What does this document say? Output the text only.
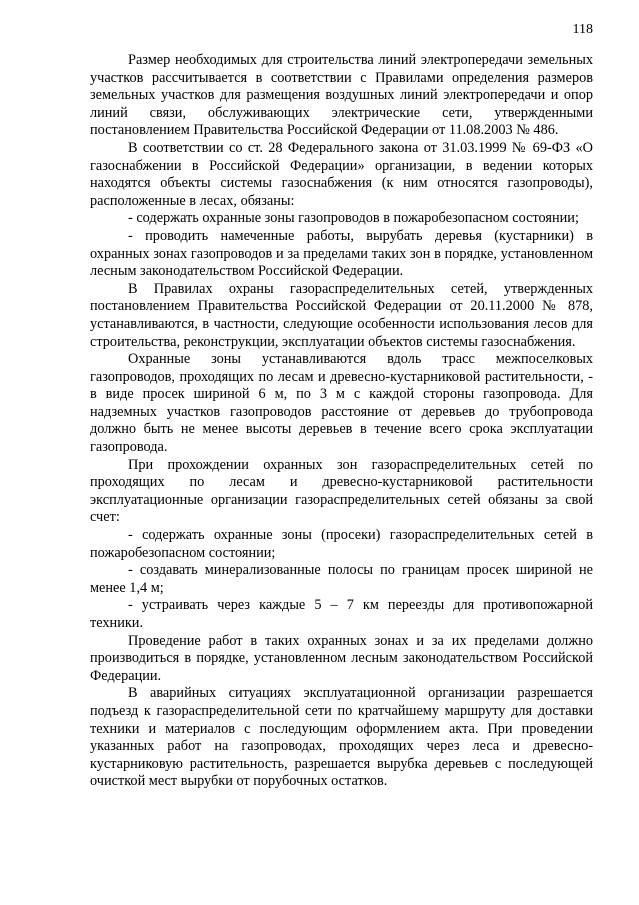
118

Размер необходимых для строительства линий электропередачи земельных участков рассчитывается в соответствии с Правилами определения размеров земельных участков для размещения воздушных линий электропередачи и опор линий связи, обслуживающих электрические сети, утвержденными постановлением Правительства Российской Федерации от 11.08.2003 № 486.

В соответствии со ст. 28 Федерального закона от 31.03.1999 № 69-ФЗ «О газоснабжении в Российской Федерации» организации, в ведении которых находятся объекты системы газоснабжения (к ним относятся газопроводы), расположенные в лесах, обязаны:

- содержать охранные зоны газопроводов в пожаробезопасном состоянии;

- проводить намеченные работы, вырубать деревья (кустарники) в охранных зонах газопроводов и за пределами таких зон в порядке, установленном лесным законодательством Российской Федерации.

В Правилах охраны газораспределительных сетей, утвержденных постановлением Правительства Российской Федерации от 20.11.2000 № 878, устанавливаются, в частности, следующие особенности использования лесов для строительства, реконструкции, эксплуатации объектов системы газоснабжения.

Охранные зоны устанавливаются вдоль трасс межпоселковых газопроводов, проходящих по лесам и древесно-кустарниковой растительности, - в виде просек шириной 6 м, по 3 м с каждой стороны газопровода. Для надземных участков газопроводов расстояние от деревьев до трубопровода должно быть не менее высоты деревьев в течение всего срока эксплуатации газопровода.

При прохождении охранных зон газораспределительных сетей по проходящих по лесам и древесно-кустарниковой растительности эксплуатационные организации газораспределительных сетей обязаны за свой счет:

- содержать охранные зоны (просеки) газораспределительных сетей в пожаробезопасном состоянии;

- создавать минерализованные полосы по границам просек шириной не менее 1,4 м;

- устраивать через каждые 5 – 7 км переезды для противопожарной техники.

Проведение работ в таких охранных зонах и за их пределами должно производиться в порядке, установленном лесным законодательством Российской Федерации.

В аварийных ситуациях эксплуатационной организации разрешается подъезд к газораспределительной сети по кратчайшему маршруту для доставки техники и материалов с последующим оформлением акта. При проведении указанных работ на газопроводах, проходящих через леса и древесно-кустарниковую растительность, разрешается вырубка деревьев с последующей очисткой мест вырубки от порубочных остатков.
